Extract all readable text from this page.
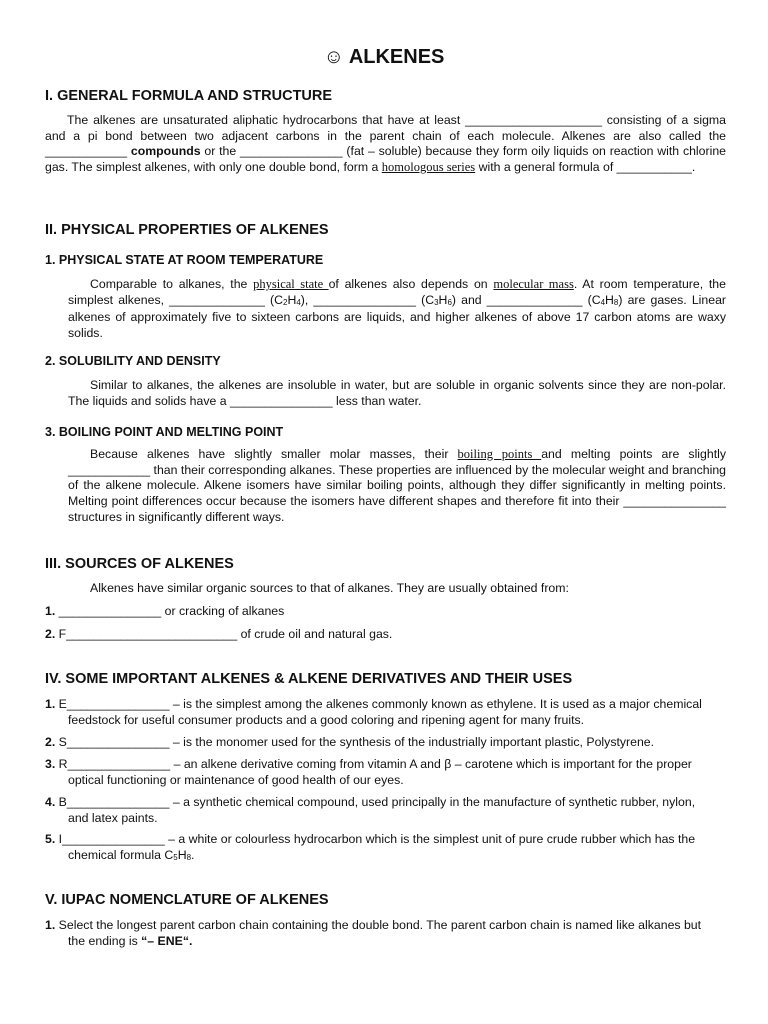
☺ ALKENES
I. GENERAL FORMULA AND STRUCTURE
The alkenes are unsaturated aliphatic hydrocarbons that have at least ____________________ consisting of a sigma and a pi bond between two adjacent carbons in the parent chain of each molecule. Alkenes are also called the ____________ compounds or the _______________ (fat – soluble) because they form oily liquids on reaction with chlorine gas. The simplest alkenes, with only one double bond, form a homologous series with a general formula of ___________.
II. PHYSICAL PROPERTIES OF ALKENES
1. PHYSICAL STATE AT ROOM TEMPERATURE
Comparable to alkanes, the physical state of alkenes also depends on molecular mass. At room temperature, the simplest alkenes, ______________ $(C_2H_4)$, _______________ $(C_3H_6)$ and ______________ $(C_4H_8)$ are gases. Linear alkenes of approximately five to sixteen carbons are liquids, and higher alkenes of above 17 carbon atoms are waxy solids.
2. SOLUBILITY AND DENSITY
Similar to alkanes, the alkenes are insoluble in water, but are soluble in organic solvents since they are non-polar. The liquids and solids have a _______________ less than water.
3. BOILING POINT AND MELTING POINT
Because alkenes have slightly smaller molar masses, their boiling points and melting points are slightly ____________ than their corresponding alkanes. These properties are influenced by the molecular weight and branching of the alkene molecule. Alkene isomers have similar boiling points, although they differ significantly in melting points. Melting point differences occur because the isomers have different shapes and therefore fit into their _______________ structures in significantly different ways.
III. SOURCES OF ALKENES
Alkenes have similar organic sources to that of alkanes. They are usually obtained from:
1. _______________ or cracking of alkanes
2. F_________________________ of crude oil and natural gas.
IV. SOME IMPORTANT ALKENES & ALKENE DERIVATIVES AND THEIR USES
1. E_______________ – is the simplest among the alkenes commonly known as ethylene. It is used as a major chemical
feedstock for useful consumer products and a good coloring and ripening agent for many fruits.
2. S_______________ – is the monomer used for the synthesis of the industrially important plastic, Polystyrene.
3. R_______________ – an alkene derivative coming from vitamin A and β – carotene which is important for the proper
optical functioning or maintenance of good health of our eyes.
4. B_______________ – a synthetic chemical compound, used principally in the manufacture of synthetic rubber, nylon,
and latex paints.
5. I_______________ – a white or colourless hydrocarbon which is the simplest unit of pure crude rubber which has the
chemical formula $C_5H_8$.
V. IUPAC NOMENCLATURE OF ALKENES
1. Select the longest parent carbon chain containing the double bond. The parent carbon chain is named like alkanes but
the ending is “– ENE“.
